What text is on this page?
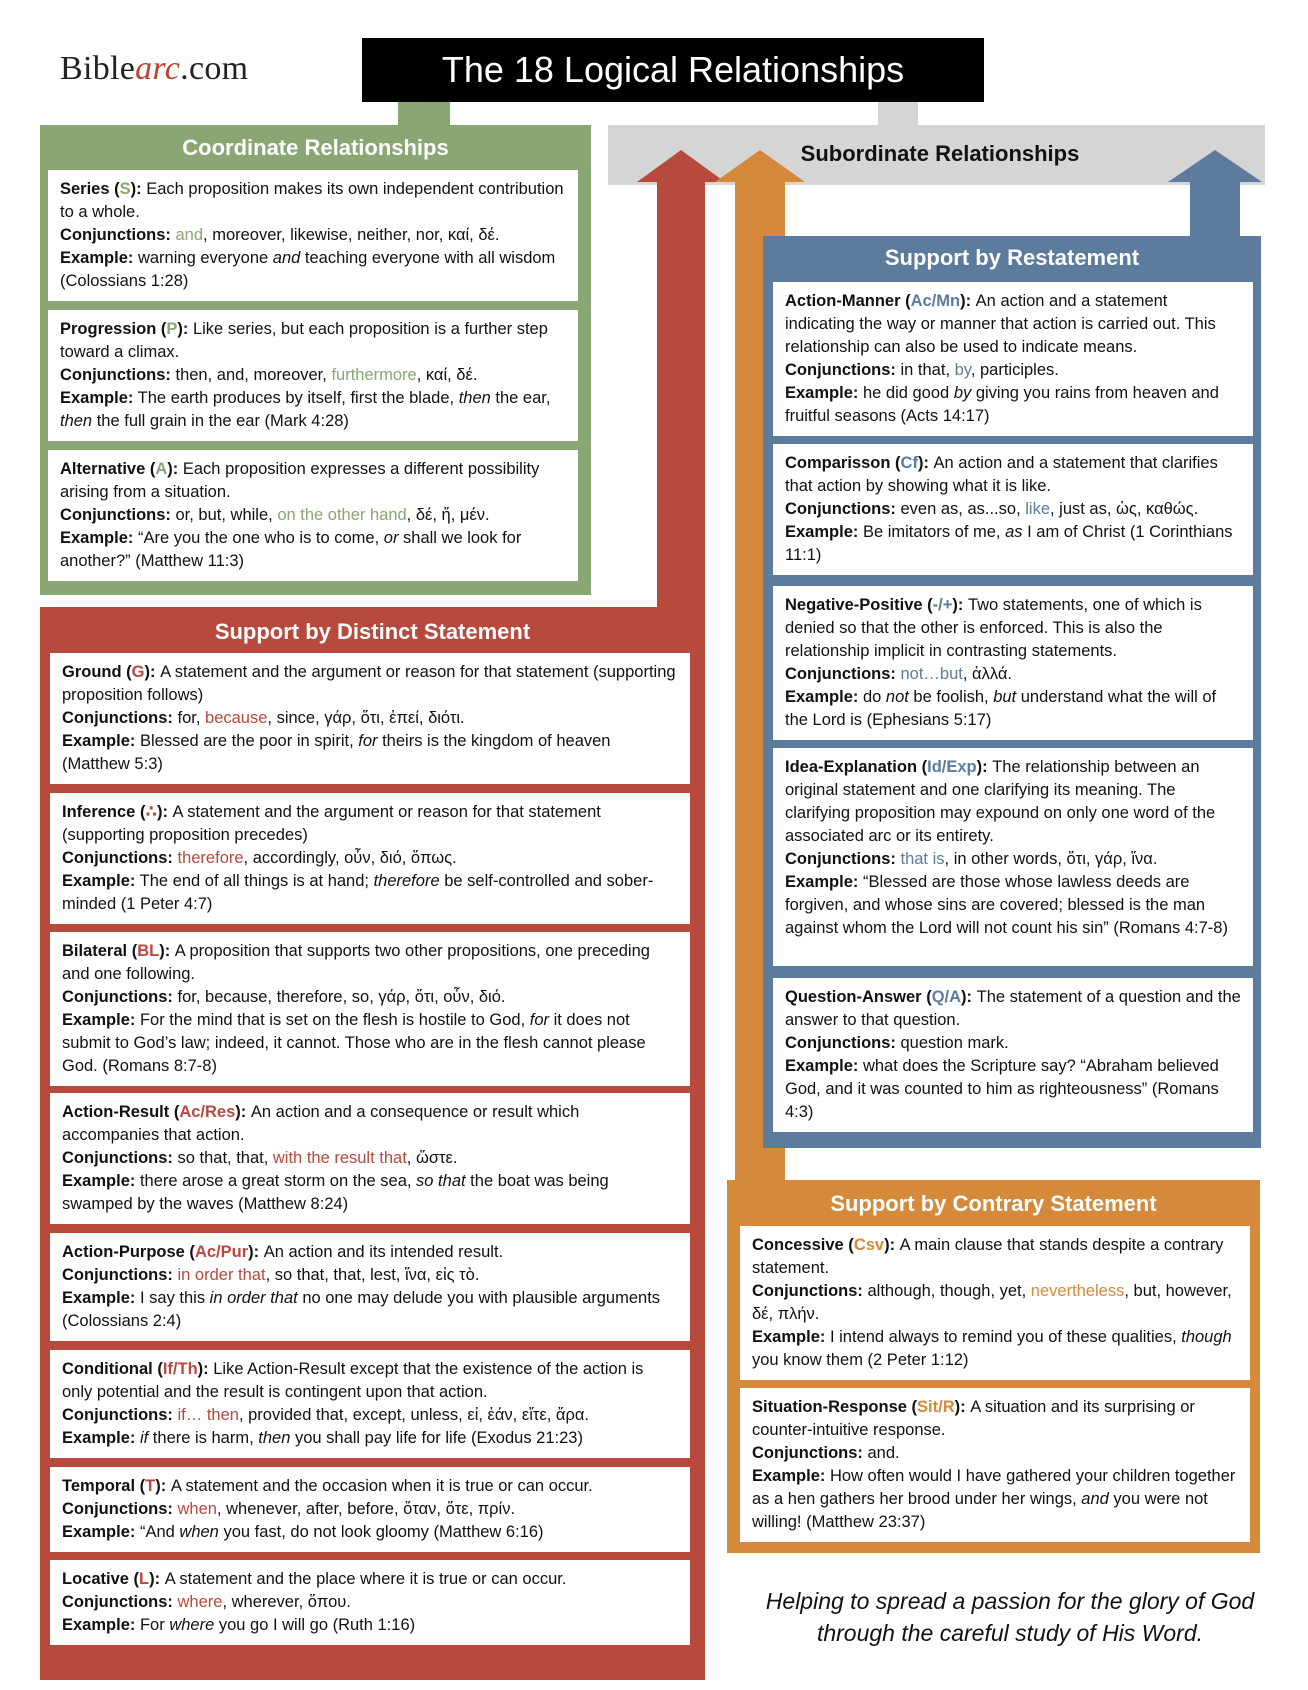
Biblearc.com	The 18 Logical Relationships
Coordinate Relationships	Subordinate Relationships
Support by Restatement
Support by Distinct Statement
Support by Contrary Statement

Series (S): Each proposition makes its own independent contribution to a whole.

Conjunctions: and, moreover, likewise, neither, nor, καί, δέ.

Example: warning everyone and teaching everyone with all wisdom (Colossians 1:28)

Progression (P): Like series, but each proposition is a further step toward a climax.

Conjunctions: then, and, moreover, furthermore, καί, δέ.

Example: The earth produces by itself, first the blade, then the ear, then the full grain in the ear (Mark 4:28)

Alternative (A): Each proposition expresses a different possibility arising from a situation.

Conjunctions: or, but, while, on the other hand, δέ, ἤ, μέν.

Example: “Are you the one who is to come, or shall we look for another?” (Matthew 11:3)

Ground (G): A statement and the argument or reason for that statement (supporting proposition follows)

Conjunctions: for, because, since, γάρ, ὅτι, ἐπεί, διότι.

Example: Blessed are the poor in spirit, for theirs is the kingdom of heaven (Matthew 5:3)

Inference (∴): A statement and the argument or reason for that statement (supporting proposition precedes)

Conjunctions: therefore, accordingly, οὖν, διό, ὅπως.

Example: The end of all things is at hand; therefore be self-controlled and sober-minded (1 Peter 4:7)

Bilateral (BL): A proposition that supports two other propositions, one preceding and one following.

Conjunctions: for, because, therefore, so, γάρ, ὅτι, οὖν, διό.

Example: For the mind that is set on the flesh is hostile to God, for it does not submit to God’s law; indeed, it cannot. Those who are in the flesh cannot please God. (Romans 8:7-8)

Action-Result (Ac/Res): An action and a consequence or result which accompanies that action.

Conjunctions: so that, that, with the result that, ὥστε.

Example: there arose a great storm on the sea, so that the boat was being swamped by the waves (Matthew 8:24)

Action-Purpose (Ac/Pur): An action and its intended result.

Conjunctions: in order that, so that, that, lest, ἵνα, εἰς τὸ.

Example: I say this in order that no one may delude you with plausible arguments (Colossians 2:4)

Conditional (If/Th): Like Action-Result except that the existence of the action is only potential and the result is contingent upon that action.

Conjunctions: if… then, provided that, except, unless, εἰ, ἐάν, εἴτε, ἄρα.

Example: if there is harm, then you shall pay life for life (Exodus 21:23)

Temporal (T): A statement and the occasion when it is true or can occur.

Conjunctions: when, whenever, after, before, ὅταν, ὅτε, πρίν.

Example: “And when you fast, do not look gloomy (Matthew 6:16)

Locative (L): A statement and the place where it is true or can occur.

Conjunctions: where, wherever, ὅπου.

Example: For where you go I will go (Ruth 1:16)

Action-Manner (Ac/Mn): An action and a statement indicating the way or manner that action is carried out. This relationship can also be used to indicate means.

Conjunctions: in that, by, participles.

Example: he did good by giving you rains from heaven and fruitful seasons (Acts 14:17)

Comparisson (Cf): An action and a statement that clarifies that action by showing what it is like.

Conjunctions: even as, as...so, like, just as, ὡς, καθώς.

Example: Be imitators of me, as I am of Christ (1 Corinthians 11:1)

Negative-Positive (-/+): Two statements, one of which is denied so that the other is enforced. This is also the relationship implicit in contrasting statements.

Conjunctions: not…but, ἀλλά.

Example: do not be foolish, but understand what the will of the Lord is (Ephesians 5:17)

Idea-Explanation (Id/Exp): The relationship between an original statement and one clarifying its meaning. The clarifying proposition may expound on only one word of the associated arc or its entirety.

Conjunctions: that is, in other words, ὅτι, γάρ, ἵνα.

Example: “Blessed are those whose lawless deeds are forgiven, and whose sins are covered; blessed is the man against whom the Lord will not count his sin” (Romans 4:7-8)

Question-Answer (Q/A): The statement of a question and the answer to that question.

Conjunctions: question mark.

Example: what does the Scripture say? “Abraham believed God, and it was counted to him as righteousness” (Romans 4:3)

Concessive (Csv): A main clause that stands despite a contrary statement.

Conjunctions: although, though, yet, nevertheless, but, however, δέ, πλήν.

Example: I intend always to remind you of these qualities, though you know them (2 Peter 1:12)

Situation-Response (Sit/R): A situation and its surprising or counter-intuitive response.

Conjunctions: and.

Example: How often would I have gathered your children together as a hen gathers her brood under her wings, and you were not willing! (Matthew 23:37)

Helping to spread a passion for the glory of God
through the careful study of His Word.
